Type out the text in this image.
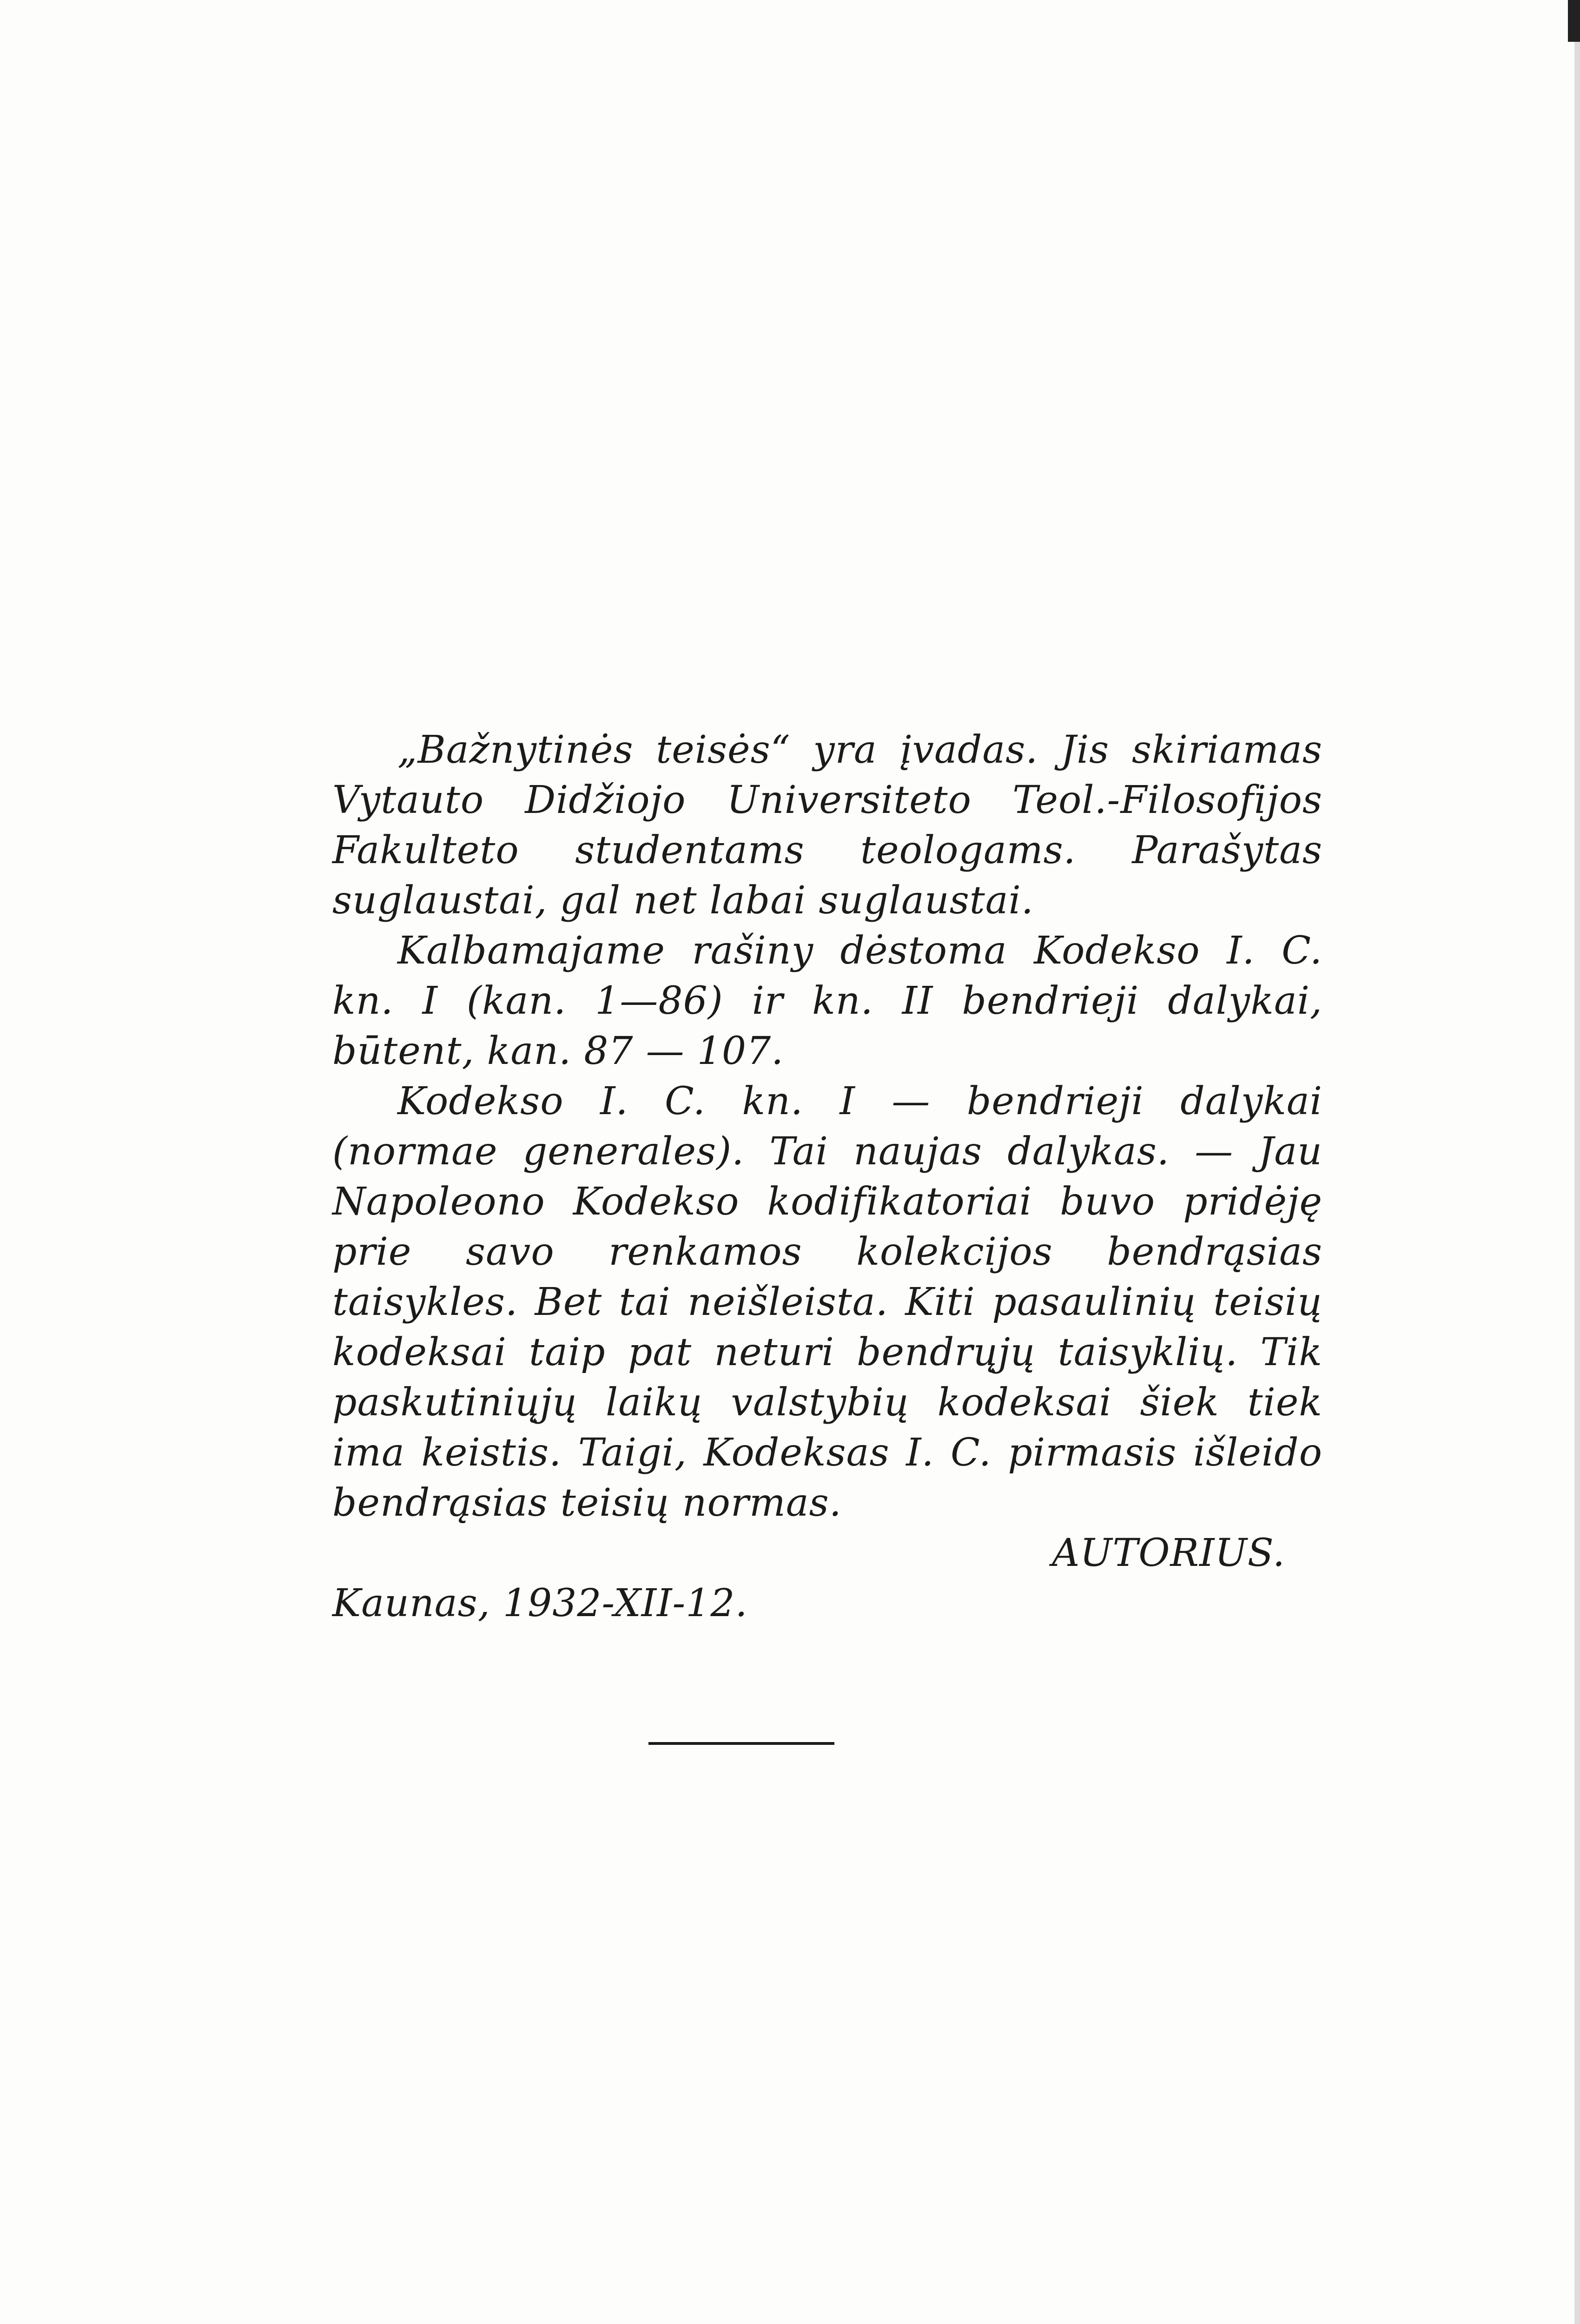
„Bažnytinės teisės“ yra įvadas. Jis skiriamas Vytauto Didžiojo Universiteto Teol.-Filosofijos Fakulteto studentams teologams. Parašytas suglaustai, gal net labai suglaustai.

Kalbamajame rašiny dėstoma Kodekso I. C. kn. I (kan. 1—86) ir kn. II bendrieji dalykai, būtent, kan. 87 — 107.

Kodekso I. C. kn. I — bendrieji dalykai (normae generales). Tai naujas dalykas. — Jau Napoleono Kodekso kodifikatoriai buvo pridėję prie savo renkamos kolekcijos bendrąsias taisykles. Bet tai neišleista. Kiti pasaulinių teisių kodeksai taip pat neturi bendrųjų taisyklių. Tik paskutiniųjų laikų valstybių kodeksai šiek tiek ima keistis. Taigi, Kodeksas I. C. pirmasis išleido bendrąsias teisių normas.

AUTORIUS.
Kaunas, 1932-XII-12.
